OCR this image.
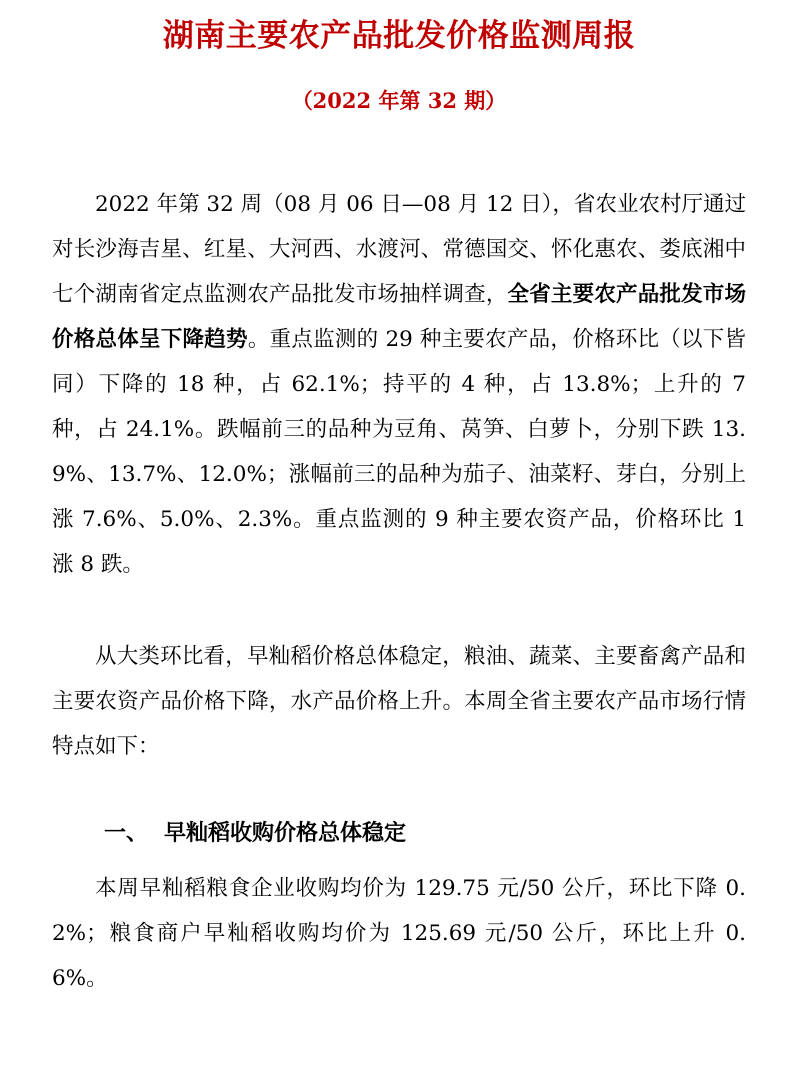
湖南主要农产品批发价格监测周报
（2022 年第 32 期）

2022 年第 32 周（08 月 06 日—08 月 12 日），省农业农村厅通过对长沙海吉星、红星、大河西、水渡河、常德国交、怀化惠农、娄底湘中七个湖南省定点监测农产品批发市场抽样调查，全省主要农产品批发市场价格总体呈下降趋势。重点监测的 29 种主要农产品，价格环比（以下皆同）下降的 18 种，占 62.1%；持平的 4 种，占 13.8%；上升的 7 种，占 24.1%。跌幅前三的品种为豆角、莴笋、白萝卜，分别下跌 13.9%、13.7%、12.0%；涨幅前三的品种为茄子、油菜籽、芽白，分别上涨 7.6%、5.0%、2.3%。重点监测的 9 种主要农资产品，价格环比 1 涨 8 跌。

从大类环比看，早籼稻价格总体稳定，粮油、蔬菜、主要畜禽产品和主要农资产品价格下降，水产品价格上升。本周全省主要农产品市场行情特点如下：

一、 早籼稻收购价格总体稳定

本周早籼稻粮食企业收购均价为 129.75 元/50 公斤，环比下降 0.2%；粮食商户早籼稻收购均价为 125.69 元/50 公斤，环比上升 0.6%。
